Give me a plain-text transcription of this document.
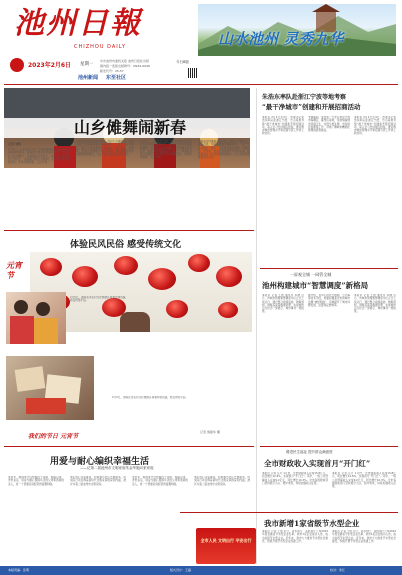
池州日報
CHIZHOU DAILY	山水池州 灵秀九华
2023年2月6日 星期一
中共池州市委机关报 池州日报社出版
国内统一连续出版物号：CN34-0046
邮发代号：25-57
今日8版
池州新闻 东至社区
山乡傩舞闹新春
记者 刘辉
2月5日，元宵佳节之际，市民和游客纷纷走进贵池区梅街镇源溪村，观看由当地村民表演的傩舞，感受传统文化的魅力。贵池傩戏历史悠久，被誉为中国戏曲的“活化石”，每逢春节和元宵期间，各村都会举行傩事活动，祈求风调雨顺、五谷丰登。
在源溪村的傩事活动现场，村民们头戴面具，身着古装，伴随着锣鼓声翩翩起舞，一招一式古朴粗犷，吸引了众多游客驻足观看、拍照留念。近年来，贵池区坚持保护与传承并重，推动傩文化与乡村旅游深度融合，让古老的非遗焕发新的生机。
2月5日，元宵佳节之际，市民和游客纷纷走进贵池区梅街镇源溪村，观看由当地村民表演的傩舞，感受传统文化的魅力。贵池傩戏历史悠久，被誉为中国戏曲的“活化石”，每逢春节和元宵期间，各村都会举行傩事活动，祈求风调雨顺、五谷丰登。
在源溪村的傩事活动现场，村民们头戴面具，身着古装，伴随着锣鼓声翩翩起舞，一招一式古朴粗犷，吸引了众多游客驻足观看、拍照留念。近年来，贵池区坚持保护与传承并重，推动傩文化与乡村旅游深度融合，让古老的非遗焕发新的生机。
体验民风民俗 感受传统文化
元宵节
2月5日，游客在杏花村文化旅游区观看非遗表演，感受传统年俗。
我们的节日 元宵节
2月5日，游客在杏花村文化旅游区观看非遗表演，感受传统年俗。
记者 施振华 摄
用爱与耐心编织幸福生活
——记第二届池州市文明家庭朱金华施向来家庭
朱金华、施向来夫妇结婚四十余载，相濡以沫、孝老爱亲，用爱与耐心照顾年迈的父母和患病的亲人，将一个普通家庭经营得温馨和睦。
他们热心邻里事务，积极参与社区志愿服务，用实际行动诠释着新时代文明家庭的深刻内涵，被评为第二届池州市文明家庭。
朱金华、施向来夫妇结婚四十余载，相濡以沫、孝老爱亲，用爱与耐心照顾年迈的父母和患病的亲人，将一个普通家庭经营得温馨和睦。
他们热心邻里事务，积极参与社区志愿服务，用实际行动诠释着新时代文明家庭的深刻内涵，被评为第二届池州市文明家庭。
朱浩东率队赴浙江宁波等地考察
“最干净城市”创建和开展招商活动
本报讯 2月2日至4日，市委书记朱浩东率队赴浙江宁波、舟山等地考察“最干净城市”创建和开展招商活动，深入学习先进地区经验，推动我市城市管理水平和招商引资工作再上新台阶。
考察期间，朱浩东一行先后来到宁波市海曙区、鄞州区等地，实地察看城市环境卫生、垃圾分类处理、市容秩序管理等工作，详细了解城市精细化管理的经验做法。
本报讯 2月2日至4日，市委书记朱浩东率队赴浙江宁波、舟山等地考察“最干净城市”创建和开展招商活动，深入学习先进地区经验，推动我市城市管理水平和招商引资工作再上新台阶。
一屏观全城 一网管全城
池州构建城市“智慧调度”新格局
本报讯 记者 王晨 通讯员 李晓 近日，市城市管理智慧调度中心正式上线运行，通过整合视频监控、物联感知、网格巡查等数据资源，实现城市运行状态一屏展示、城市事件一网统管。
据介绍，该中心依托大数据、云计算等技术手段，构建起覆盖全市的城市治理“神经网络”，有效提升了城市问题发现、处置和反馈效率。
本报讯 记者 王晨 通讯员 李晓 近日，市城市管理智慧调度中心正式上线运行，通过整合视频监控、物联感知、网格巡查等数据资源，实现城市运行状态一屏展示、城市事件一网统管。
增进民生福祉 提升群众满意度
全市财政收入实现首月“开门红”
本报讯 记者 汪芳 1月份，全市财政收入完成15.8亿元，同比增长12.6%，实现首月“开门红”。其中，一般公共预算收入完成9.2亿元，同比增长10.3%。全市各级财政部门坚持稳字当头、稳中求进，持续加强收入征管。
本报讯 记者 汪芳 1月份，全市财政收入完成15.8亿元，同比增长12.6%，实现首月“开门红”。其中，一般公共预算收入完成9.2亿元，同比增长10.3%。全市各级财政部门坚持稳字当头、稳中求进，持续加强收入征管。
我市新增1家省级节水型企业
本报讯 记者 王伟 近日，省水利厅、省经信厅公布2022年度安徽省节水型企业名单，我市1家企业成功入选，成为省级节水型企业。近年来，我市大力推进节水型社会建设，积极开展节水型企业创建工作。
本报讯 记者 王伟 近日，省水利厅、省经信厅公布2022年度安徽省节水型企业名单，我市1家企业成功入选，成为省级节水型企业。近年来，我市大力推进节水型社会建设，积极开展节水型企业创建工作。
全市人民 文明出行 平安出行
本版责编：张明	版式设计：王磊	校对：李红
